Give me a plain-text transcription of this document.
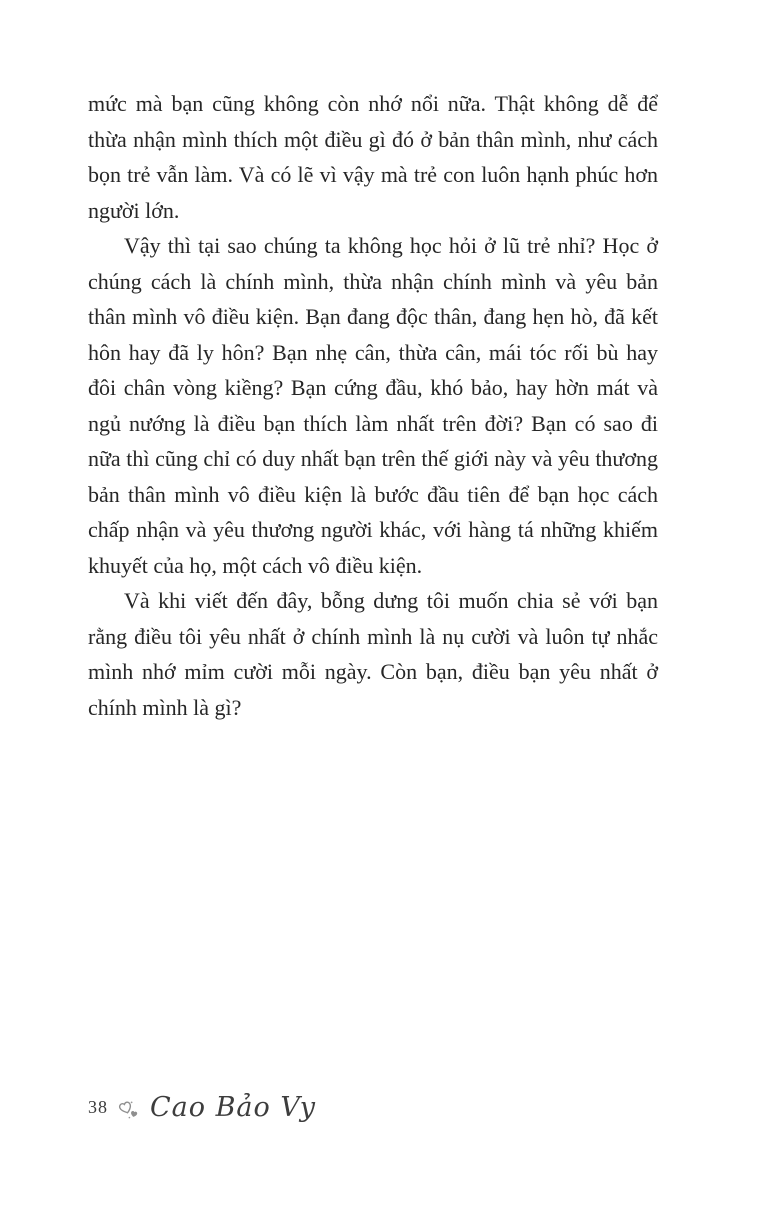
mức mà bạn cũng không còn nhớ nổi nữa. Thật không dễ để thừa nhận mình thích một điều gì đó ở bản thân mình, như cách bọn trẻ vẫn làm. Và có lẽ vì vậy mà trẻ con luôn hạnh phúc hơn người lớn.

Vậy thì tại sao chúng ta không học hỏi ở lũ trẻ nhỉ? Học ở chúng cách là chính mình, thừa nhận chính mình và yêu bản thân mình vô điều kiện. Bạn đang độc thân, đang hẹn hò, đã kết hôn hay đã ly hôn? Bạn nhẹ cân, thừa cân, mái tóc rối bù hay đôi chân vòng kiềng? Bạn cứng đầu, khó bảo, hay hờn mát và ngủ nướng là điều bạn thích làm nhất trên đời? Bạn có sao đi nữa thì cũng chỉ có duy nhất bạn trên thế giới này và yêu thương bản thân mình vô điều kiện là bước đầu tiên để bạn học cách chấp nhận và yêu thương người khác, với hàng tá những khiếm khuyết của họ, một cách vô điều kiện.

Và khi viết đến đây, bỗng dưng tôi muốn chia sẻ với bạn rằng điều tôi yêu nhất ở chính mình là nụ cười và luôn tự nhắc mình nhớ mỉm cười mỗi ngày. Còn bạn, điều bạn yêu nhất ở chính mình là gì?

38 Cao Bảo Vy
